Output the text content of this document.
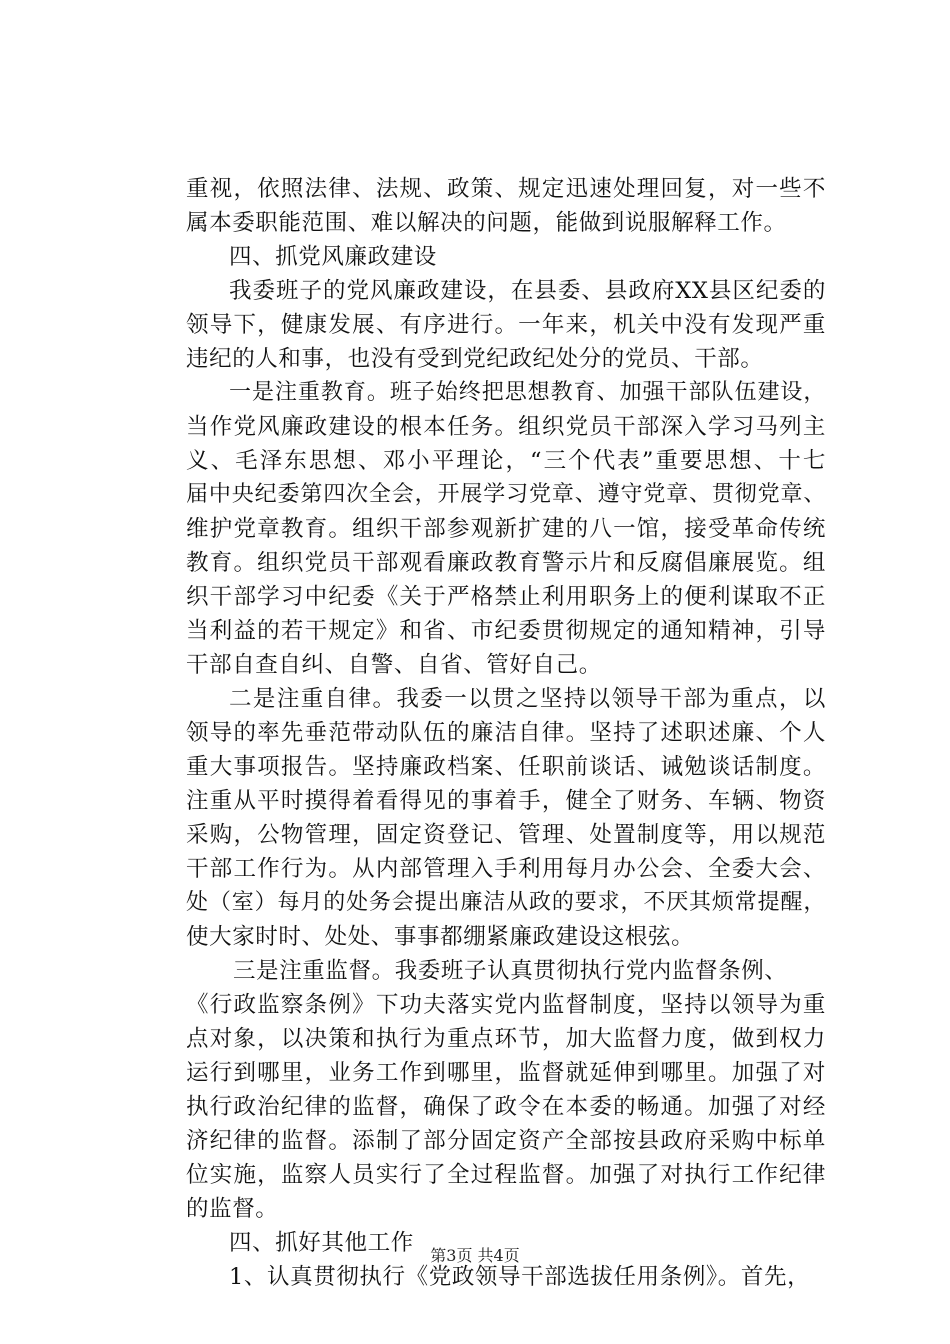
重视，依照法律、法规、政策、规定迅速处理回复，对一些不
属本委职能范围、难以解决的问题，能做到说服解释工作。
四、抓党风廉政建设
我委班子的党风廉政建设，在县委、县政府XX县区纪委的
领导下，健康发展、有序进行。一年来，机关中没有发现严重
违纪的人和事，也没有受到党纪政纪处分的党员、干部。
一是注重教育。班子始终把思想教育、加强干部队伍建设，
当作党风廉政建设的根本任务。组织党员干部深入学习马列主
义、毛泽东思想、邓小平理论，“三个代表”重要思想、十七
届中央纪委第四次全会，开展学习党章、遵守党章、贯彻党章、
维护党章教育。组织干部参观新扩建的八一馆，接受革命传统
教育。组织党员干部观看廉政教育警示片和反腐倡廉展览。组
织干部学习中纪委《关于严格禁止利用职务上的便利谋取不正
当利益的若干规定》和省、市纪委贯彻规定的通知精神，引导
干部自查自纠、自警、自省、管好自己。
二是注重自律。我委一以贯之坚持以领导干部为重点，以
领导的率先垂范带动队伍的廉洁自律。坚持了述职述廉、个人
重大事项报告。坚持廉政档案、任职前谈话、诫勉谈话制度。
注重从平时摸得着看得见的事着手，健全了财务、车辆、物资
采购，公物管理，固定资登记、管理、处置制度等，用以规范
干部工作行为。从内部管理入手利用每月办公会、全委大会、
处（室）每月的处务会提出廉洁从政的要求，不厌其烦常提醒，
使大家时时、处处、事事都绷紧廉政建设这根弦。
三是注重监督。我委班子认真贯彻执行党内监督条例、
《行政监察条例》下功夫落实党内监督制度，坚持以领导为重
点对象，以决策和执行为重点环节，加大监督力度，做到权力
运行到哪里，业务工作到哪里，监督就延伸到哪里。加强了对
执行政治纪律的监督，确保了政令在本委的畅通。加强了对经
济纪律的监督。添制了部分固定资产全部按县政府采购中标单
位实施，监察人员实行了全过程监督。加强了对执行工作纪律
的监督。
四、抓好其他工作
1、认真贯彻执行《党政领导干部选拔任用条例》。首先，
第3页 共4页
